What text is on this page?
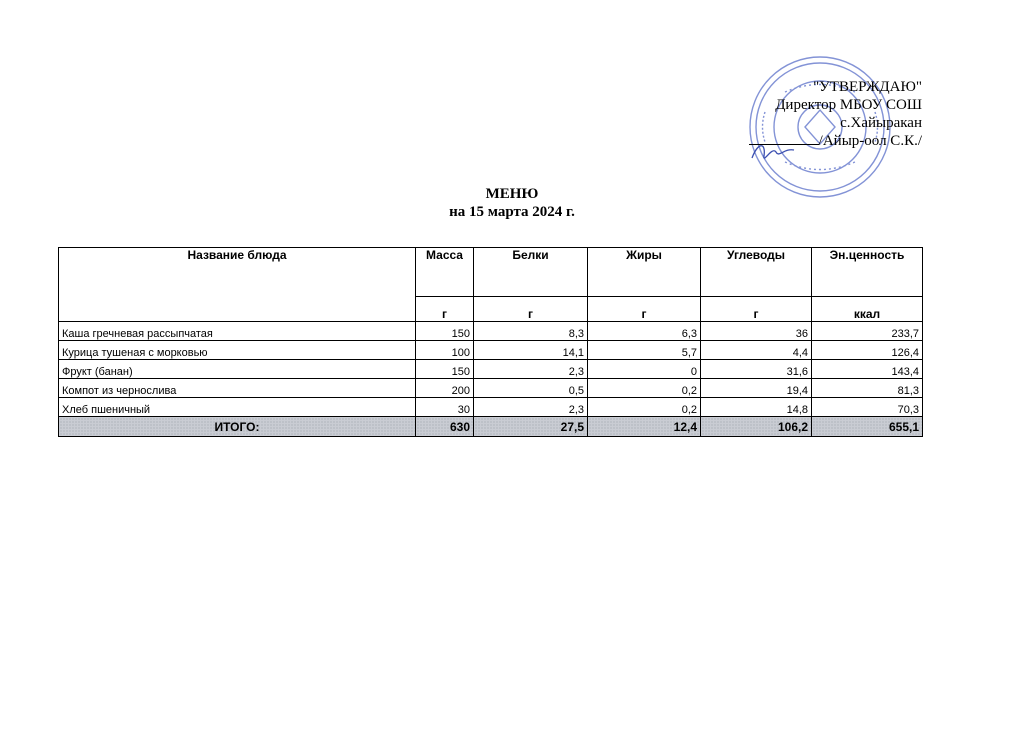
"УТВЕРЖДАЮ"
Директор МБОУ СОШ
с.Хайыракан
/Айыр-оол С.К./
МЕНЮ
на 15 марта 2024 г.
Название блюда	Масса	Белки	Жиры	Углеводы	Эн.ценность
	г	г	г	г	ккал
Каша гречневая рассыпчатая	150	8,3	6,3	36	233,7
Курица тушеная с морковью	100	14,1	5,7	4,4	126,4
Фрукт (банан)	150	2,3	0	31,6	143,4
Компот из чернослива	200	0,5	0,2	19,4	81,3
Хлеб пшеничный	30	2,3	0,2	14,8	70,3
ИТОГО:	630	27,5	12,4	106,2	655,1
